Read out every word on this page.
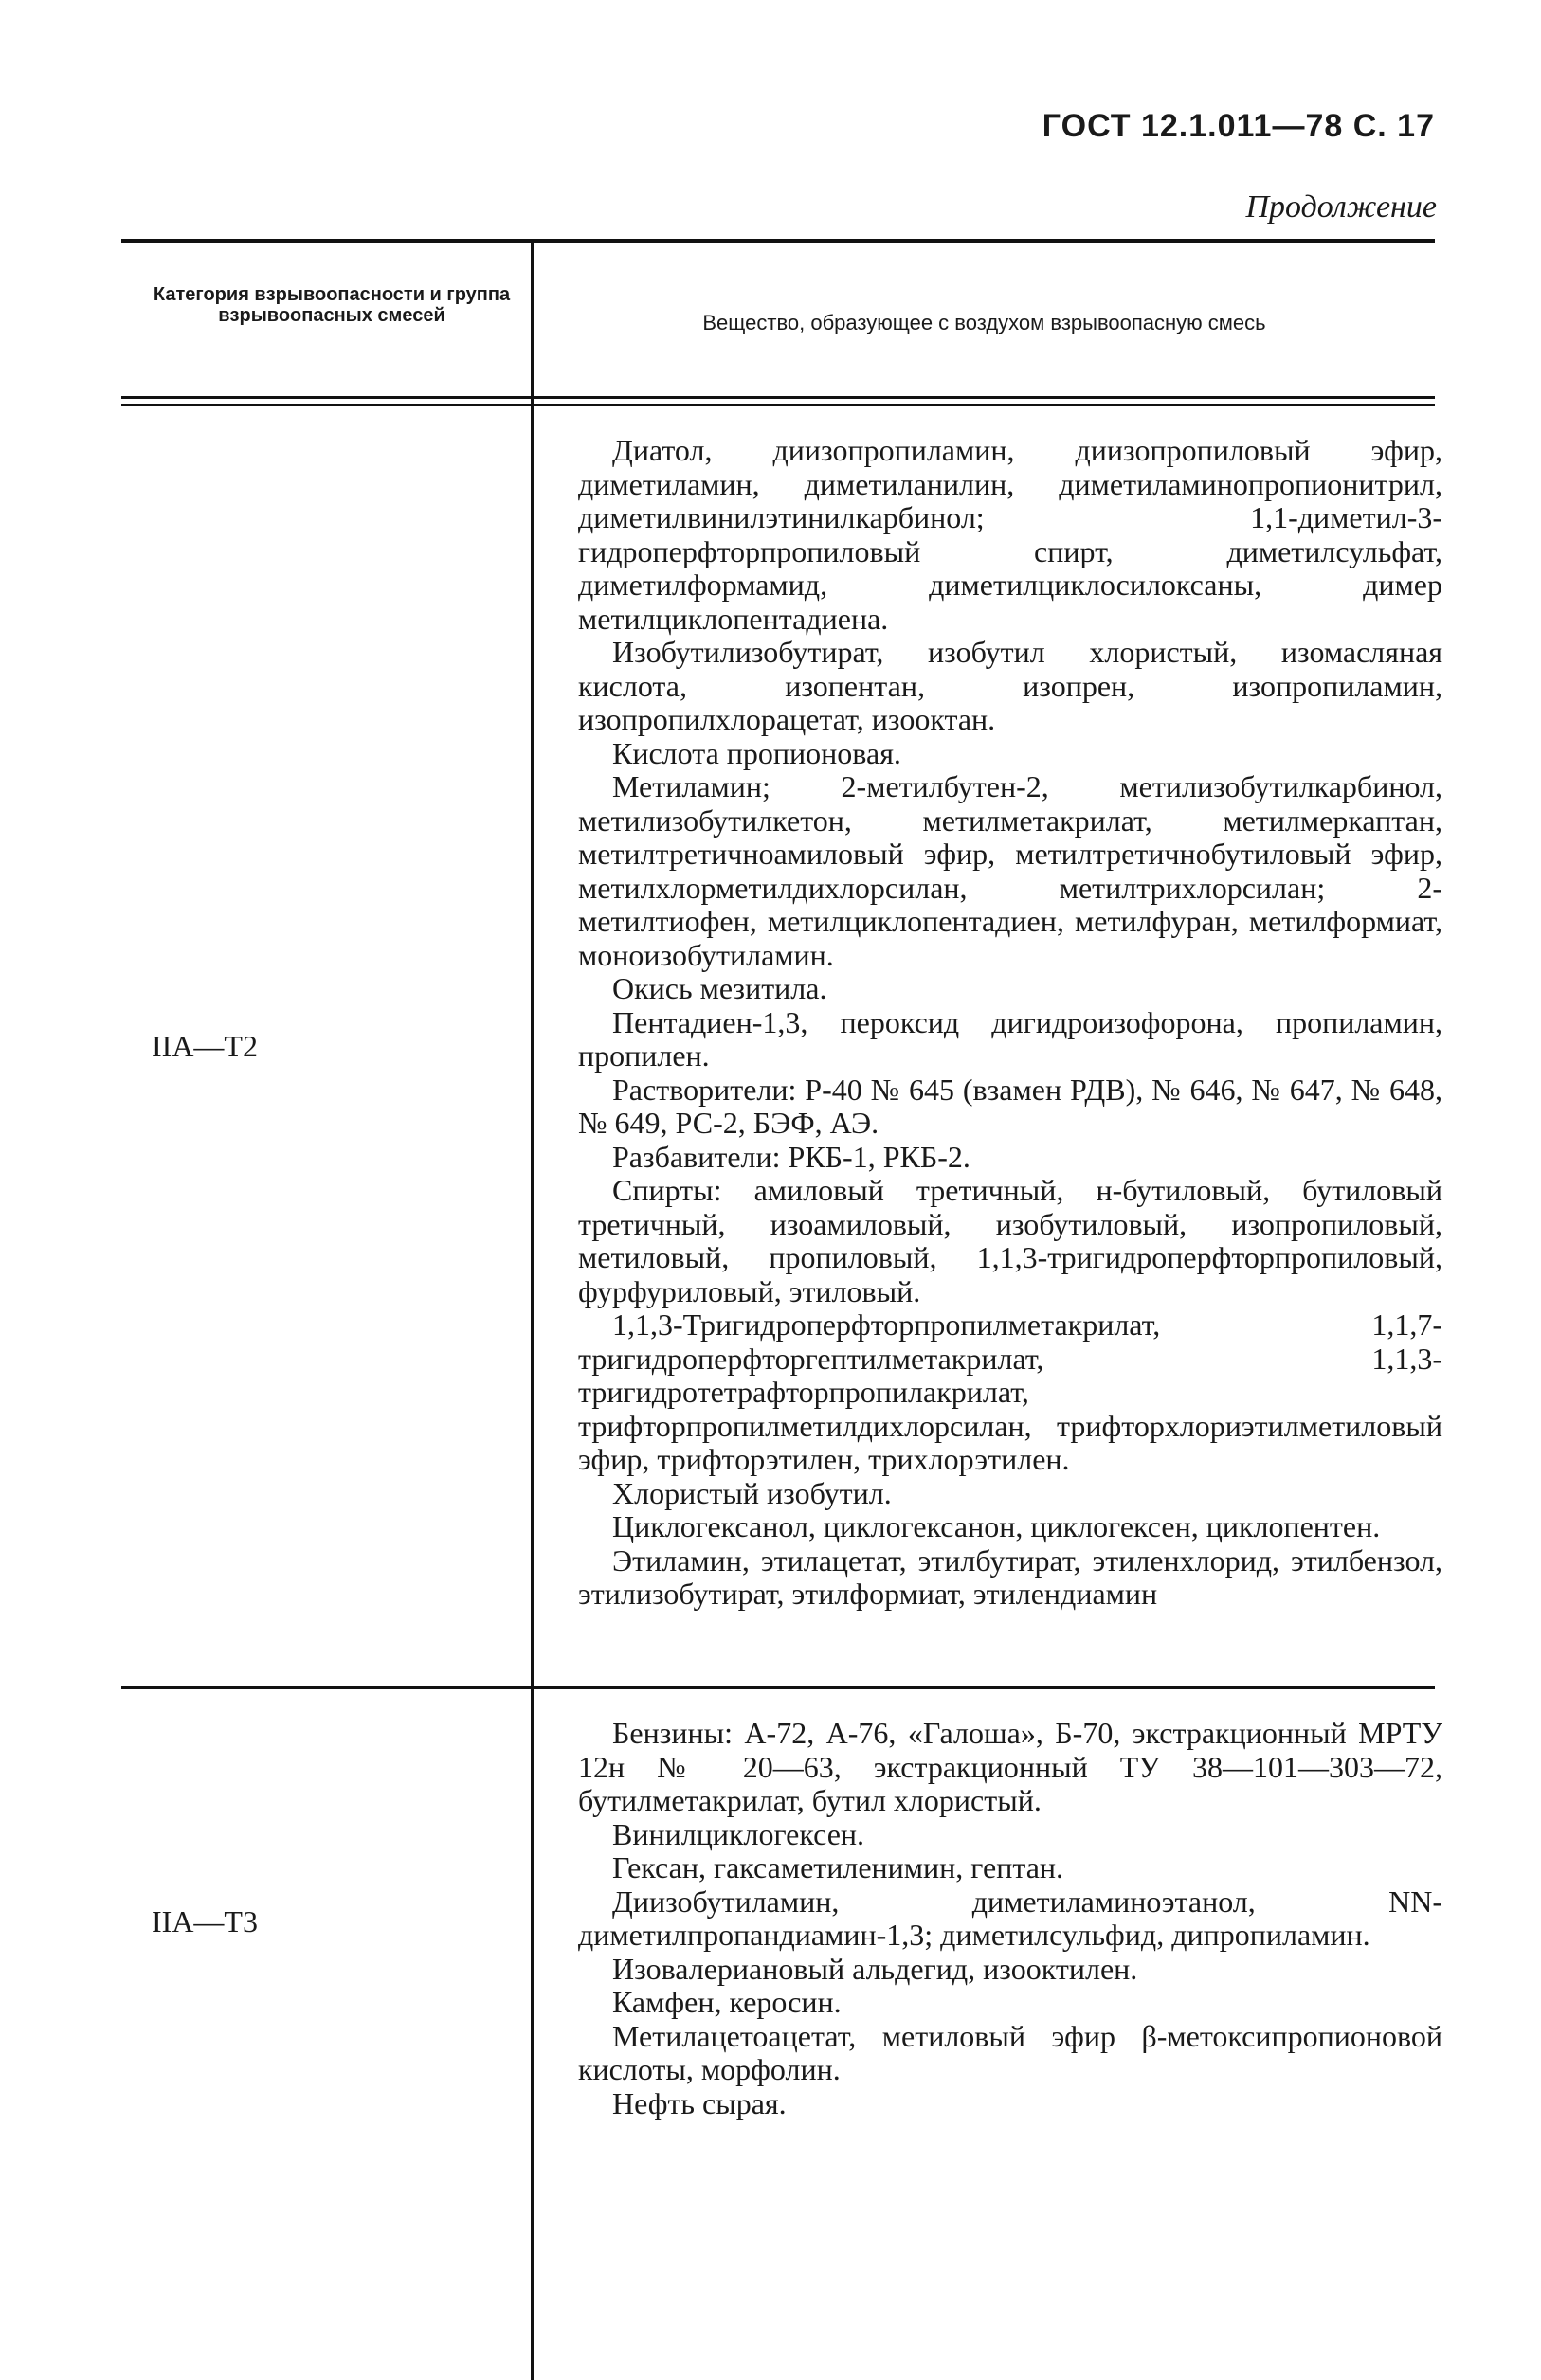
ГОСТ 12.1.011—78 С. 17
Продолжение
Категория взрывоопасности и группа взрывоопасных смесей	Вещество, образующее с воздухом взрывоопасную смесь
IIA—T2
Диатол, диизопропиламин, диизопропиловый эфир, диметиламин, диметиланилин, диметиламинопропионитрил, диметилвинилэтинилкарбинол; 1,1-диметил-3-гидроперфторпропиловый спирт, диметилсульфат, диметилформамид, диметилциклосилоксаны, димер метилциклопентадиена.
Изобутилизобутират, изобутил хлористый, изомасляная кислота, изопентан, изопрен, изопропиламин, изопропилхлорацетат, изооктан.
Кислота пропионовая.
Метиламин; 2-метилбутен-2, метилизобутилкарбинол, метилизобутилкетон, метилметакрилат, метилмеркаптан, метилтретичноамиловый эфир, метилтретичнобутиловый эфир, метилхлорметилдихлорсилан, метилтрихлорсилан; 2-метилтиофен, метилциклопентадиен, метилфуран, метилформиат, моноизобутиламин.
Окись мезитила.
Пентадиен-1,3, пероксид дигидроизофорона, пропиламин, пропилен.
Растворители: Р-40 № 645 (взамен РДВ), № 646, № 647, № 648, № 649, РС-2, БЭФ, АЭ.
Разбавители: РКБ-1, РКБ-2.
Спирты: амиловый третичный, н-бутиловый, бутиловый третичный, изоамиловый, изобутиловый, изопропиловый, метиловый, пропиловый, 1,1,3-тригидроперфторпропиловый, фурфуриловый, этиловый.
1,1,3-Тригидроперфторпропилметакрилат, 1,1,7-тригидроперфторгептилметакрилат, 1,1,3-тригидротетрафторпропилакрилат, трифторпропилметилдихлорсилан, трифторхлориэтилметиловый эфир, трифторэтилен, трихлорэтилен.
Хлористый изобутил.
Циклогексанол, циклогексанон, циклогексен, циклопентен.
Этиламин, этилацетат, этилбутират, этиленхлорид, этилбензол, этилизобутират, этилформиат, этилендиамин
IIA—T3
Бензины: А-72, А-76, «Галоша», Б-70, экстракционный МРТУ 12н № 20—63, экстракционный ТУ 38—101—303—72, бутилметакрилат, бутил хлористый.
Винилциклогексен.
Гексан, гаксаметиленимин, гептан.
Диизобутиламин, диметиламиноэтанол, NN-диметилпропандиамин-1,3; диметилсульфид, дипропиламин.
Изовалериановый альдегид, изооктилен.
Камфен, керосин.
Метилацетоацетат, метиловый эфир β-метоксипропионовой кислоты, морфолин.
Нефть сырая.
